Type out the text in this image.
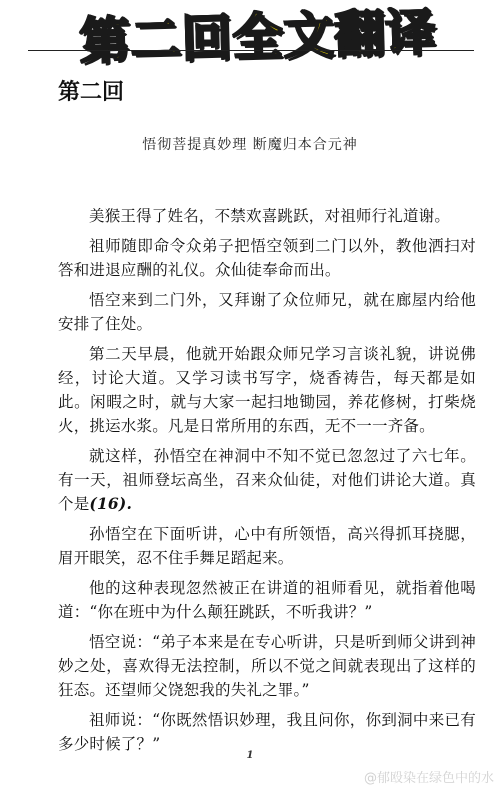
第二回全文翻译
第二回
悟彻菩提真妙理 断魔归本合元神

美猴王得了姓名，不禁欢喜跳跃，对祖师行礼道谢。

祖师随即命令众弟子把悟空领到二门以外，教他洒扫对答和进退应酬的礼仪。众仙徒奉命而出。

悟空来到二门外，又拜谢了众位师兄，就在廊屋内给他安排了住处。

第二天早晨，他就开始跟众师兄学习言谈礼貌，讲说佛经，讨论大道。又学习读书写字，烧香祷告，每天都是如此。闲暇之时，就与大家一起扫地锄园，养花修树，打柴烧火，挑运水浆。凡是日常所用的东西，无不一一齐备。

就这样，孙悟空在神洞中不知不觉已忽忽过了六七年。有一天，祖师登坛高坐，召来众仙徒，对他们讲论大道。真个是(16).

孙悟空在下面听讲，心中有所领悟，高兴得抓耳挠腮，眉开眼笑，忍不住手舞足蹈起来。

他的这种表现忽然被正在讲道的祖师看见，就指着他喝道：“你在班中为什么颠狂跳跃，不听我讲？”

悟空说：“弟子本来是在专心听讲，只是听到师父讲到神妙之处，喜欢得无法控制，所以不觉之间就表现出了这样的狂态。还望师父饶恕我的失礼之罪。”

祖师说：“你既然悟识妙理，我且问你，你到洞中来已有多少时候了？”

1
@郁殴染在绿色中的水
